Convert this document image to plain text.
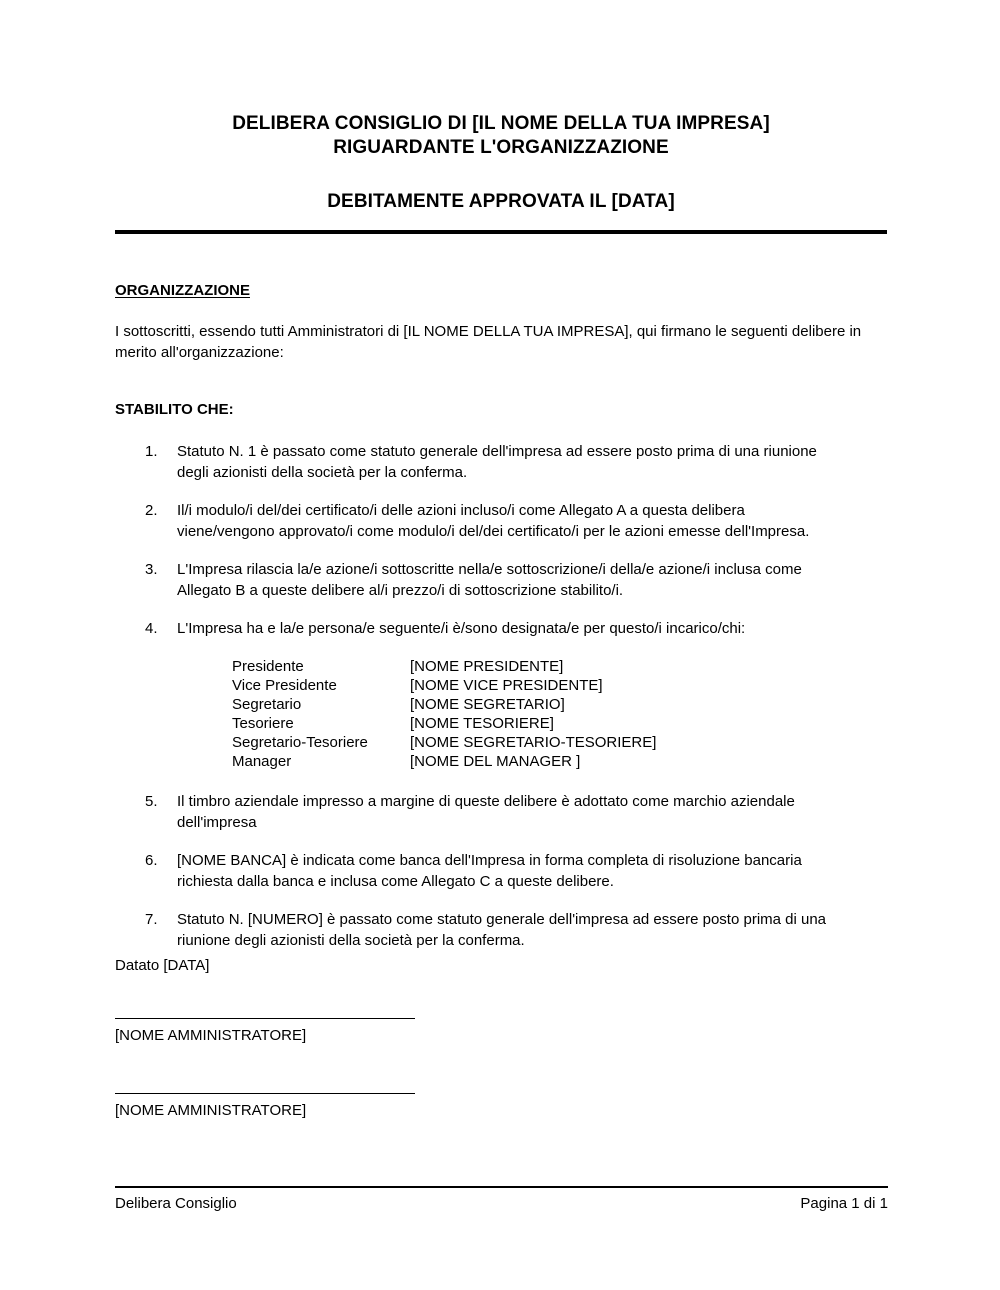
DELIBERA CONSIGLIO DI [IL NOME DELLA TUA IMPRESA]
RIGUARDANTE L'ORGANIZZAZIONE
DEBITAMENTE APPROVATA IL [DATA]
ORGANIZZAZIONE

I sottoscritti, essendo tutti Amministratori di [IL NOME DELLA TUA IMPRESA], qui firmano le seguenti delibere in merito all'organizzazione:

STABILITO CHE:
1.	Statuto N. 1 è passato come statuto generale dell'impresa ad essere posto prima di una riunione degli azionisti della società per la conferma.
2.	Il/i modulo/i del/dei certificato/i delle azioni incluso/i come Allegato A a questa delibera viene/vengono approvato/i come modulo/i del/dei certificato/i per le azioni emesse dell'Impresa.
3.	L'Impresa rilascia la/e azione/i sottoscritte nella/e sottoscrizione/i della/e azione/i inclusa come Allegato B a queste delibere al/i prezzo/i di sottoscrizione stabilito/i.
4.	L'Impresa ha e la/e persona/e seguente/i è/sono designata/e per questo/i incarico/chi:
Presidente	[NOME PRESIDENTE]
Vice Presidente	[NOME VICE PRESIDENTE]
Segretario	[NOME SEGRETARIO]
Tesoriere	[NOME TESORIERE]
Segretario-Tesoriere	[NOME SEGRETARIO-TESORIERE]
Manager	[NOME DEL MANAGER ]
5.	Il timbro aziendale impresso a margine di queste delibere è adottato come marchio aziendale dell'impresa
6.	[NOME BANCA] è indicata come banca dell'Impresa in forma completa di risoluzione bancaria richiesta dalla banca e inclusa come Allegato C a queste delibere.
7.	Statuto N. [NUMERO] è passato come statuto generale dell'impresa ad essere posto prima di una riunione degli azionisti della società per la conferma.
Datato [DATA]
[NOME AMMINISTRATORE]
[NOME AMMINISTRATORE]
Delibera Consiglio	Pagina 1 di 1
